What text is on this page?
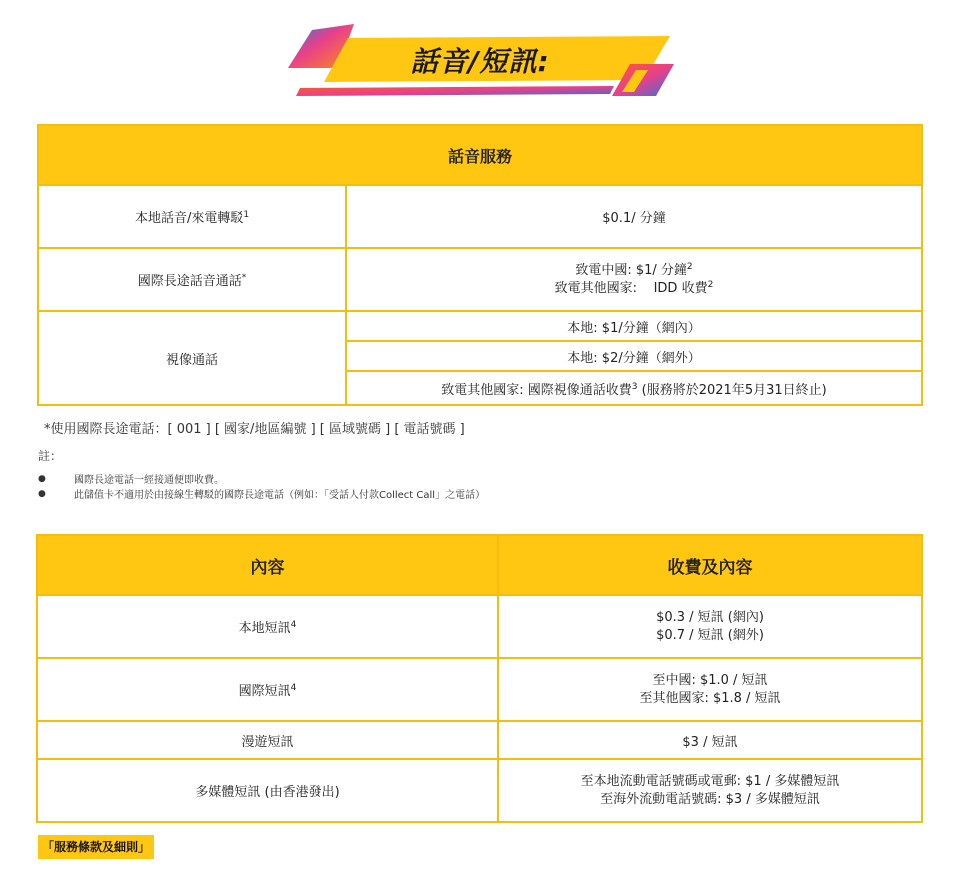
話音/短訊:
話音服務	
本地話音/來電轉駁$^1$	$0.1/ 分鐘
國際長途話音通話*	致電中國: $1/ 分鐘$^2$
致電其他國家:    IDD 收費$^2$

視像通話	本地: $1/分鐘（網內）
	本地: $2/分鐘（網外）
	致電其他國家: 國際視像通話收費$^3$ (服務將於2021年5月31日終止)
*使用國際長途電話：[ 001 ] [ 國家/地區編號 ] [ 區域號碼 ] [ 電話號碼 ]
註：
●	國際長途電話一經接通便即收費。
●	此儲值卡不適用於由接線生轉駁的國際長途電話（例如：「受話人付款Collect Call」之電話）
內容	收費及內容
本地短訊$^4$	$0.3 / 短訊 (網內)
$0.7 / 短訊 (網外)

國際短訊$^4$	至中國: $1.0 / 短訊
至其他國家: $1.8 / 短訊

漫遊短訊	$3 / 短訊
多媒體短訊 (由香港發出)	至本地流動電話號碼或電郵: $1 / 多媒體短訊
至海外流動電話號碼: $3 / 多媒體短訊
「服務條款及細則」
